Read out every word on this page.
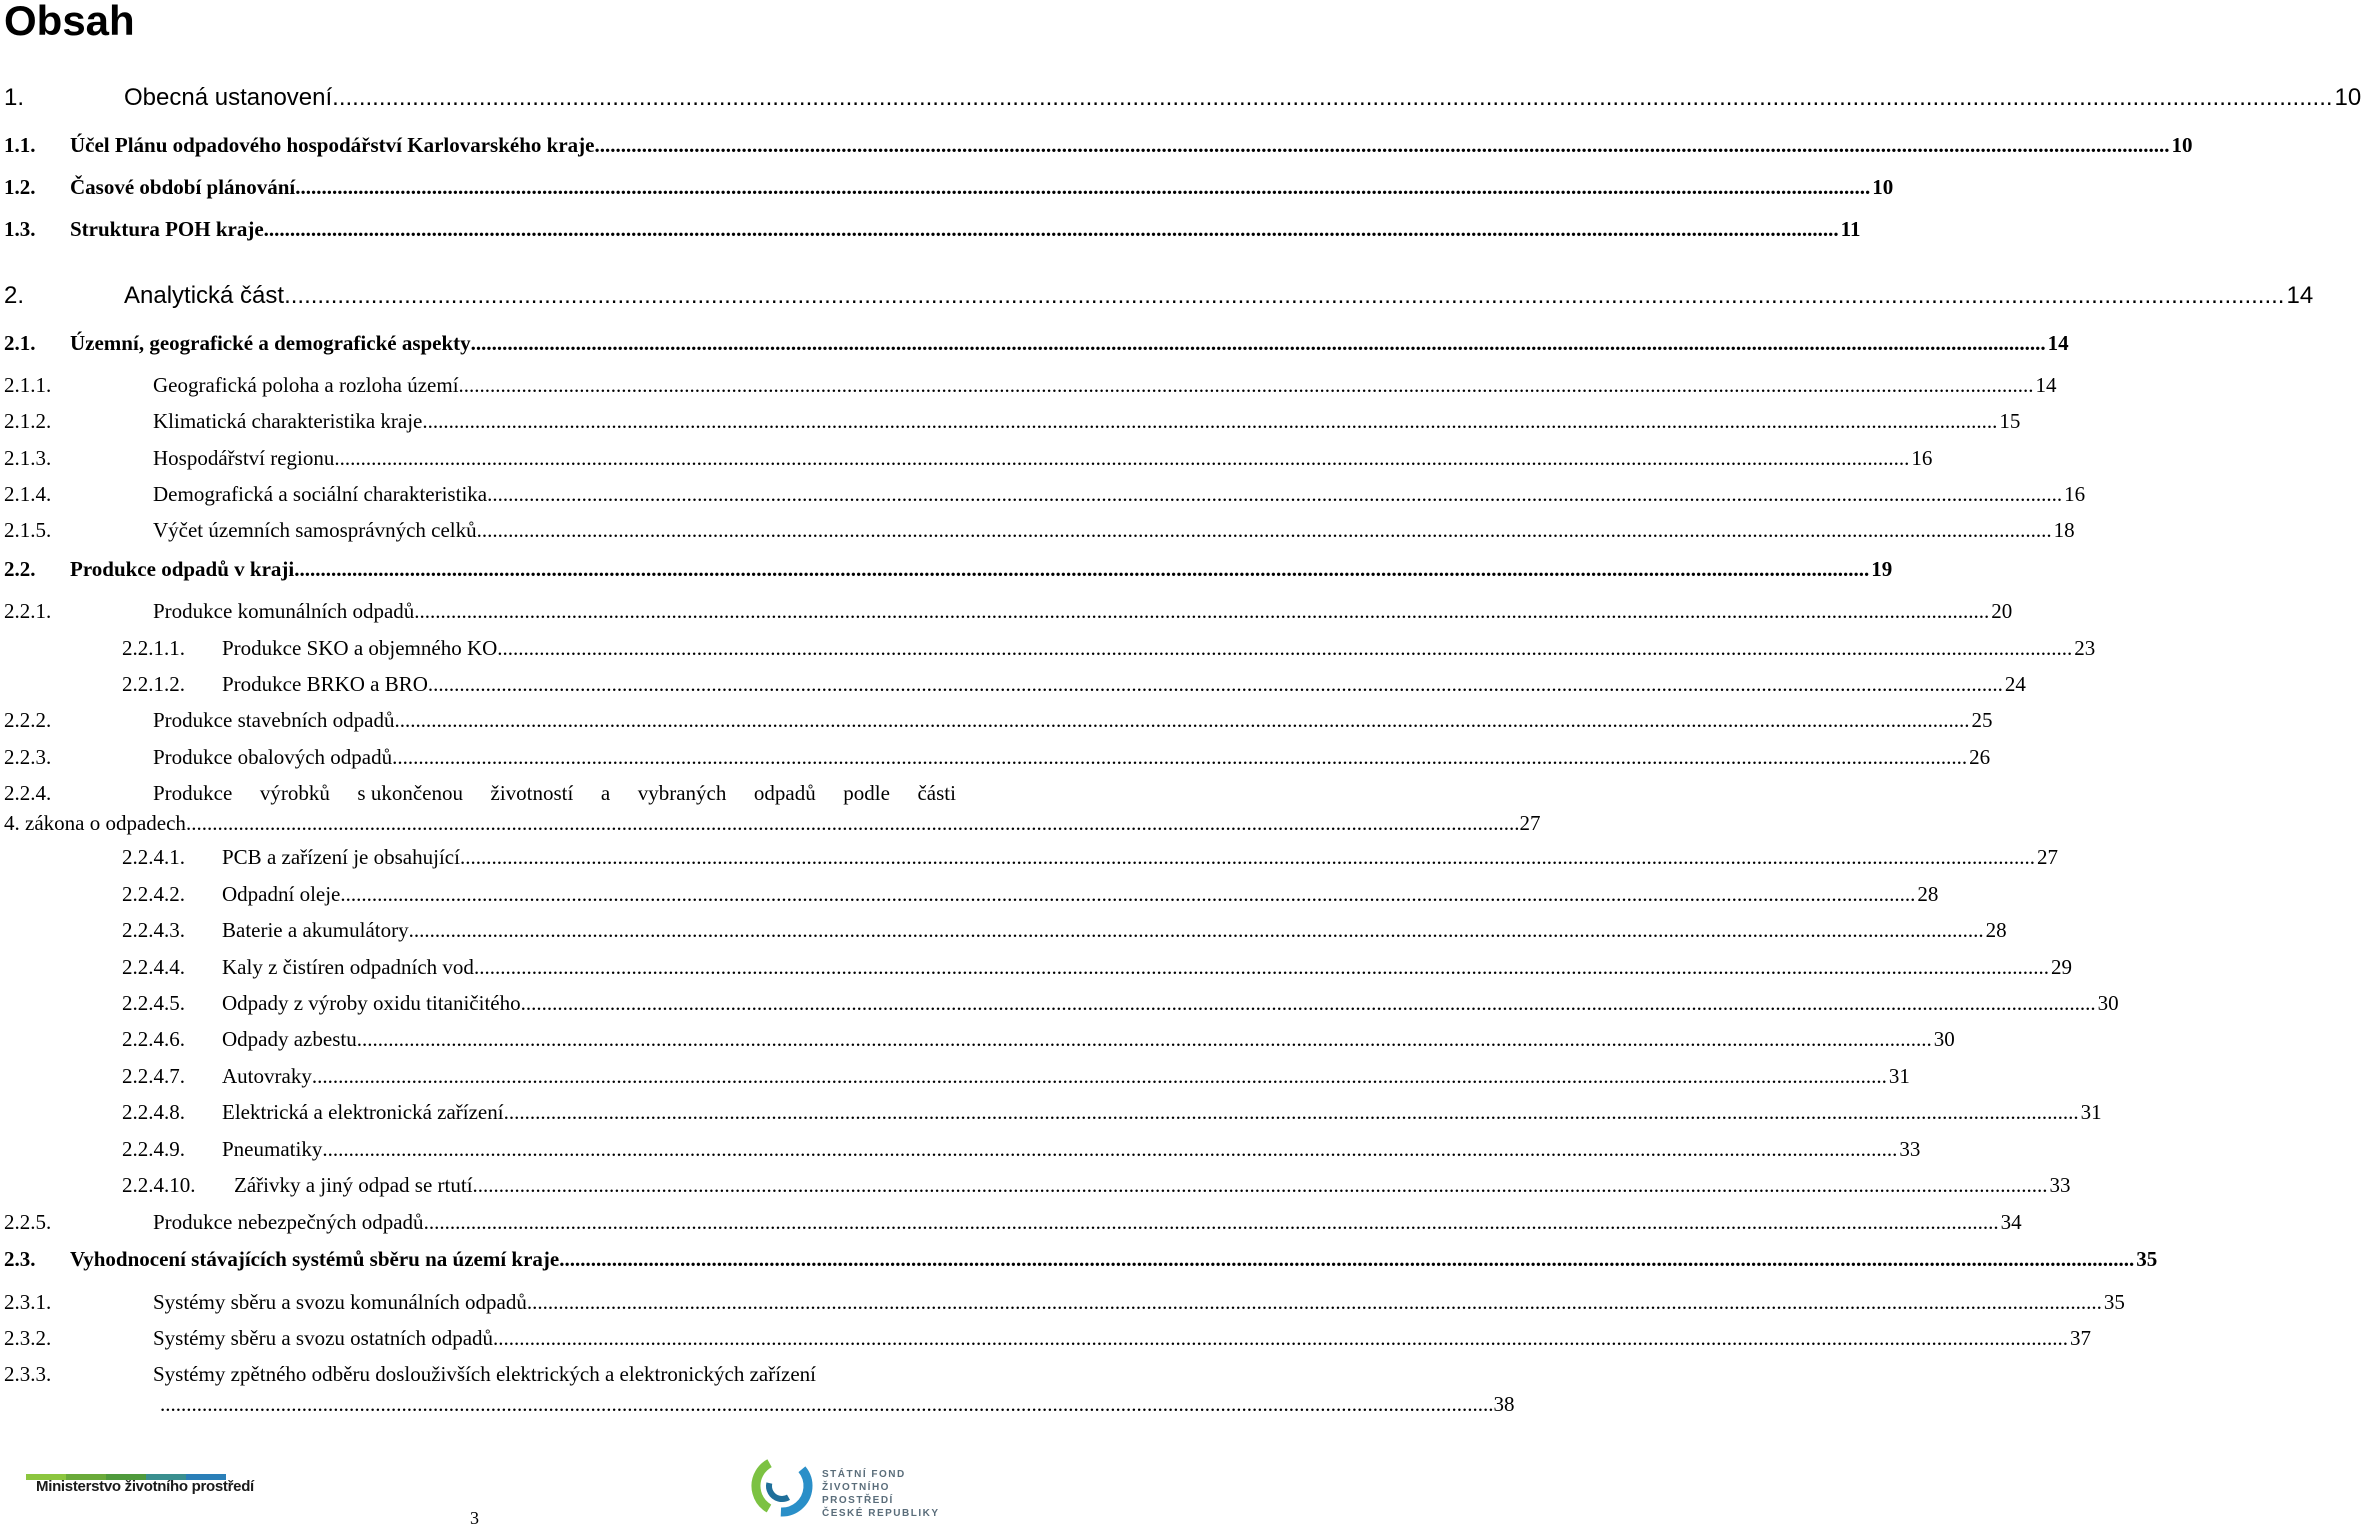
Obsah
1.	Obecná ustanovení ............................................................................................................................................................................................................................................................................................................ 10
1.1. Účel Plánu odpadového hospodářství Karlovarského kraje ............................................................................................................................................................................................................................................................................................................ 10
1.2. Časové období plánování ............................................................................................................................................................................................................................................................................................................ 10
1.3. Struktura POH kraje ............................................................................................................................................................................................................................................................................................................ 11
2.	Analytická část ............................................................................................................................................................................................................................................................................................................ 14
2.1. Územní, geografické a demografické aspekty ............................................................................................................................................................................................................................................................................................................ 14
2.1.1.	Geografická poloha a rozloha území ............................................................................................................................................................................................................................................................................................................ 14
2.1.2.	Klimatická charakteristika kraje ............................................................................................................................................................................................................................................................................................................ 15
2.1.3.	Hospodářství regionu ............................................................................................................................................................................................................................................................................................................ 16
2.1.4.	Demografická a sociální charakteristika ............................................................................................................................................................................................................................................................................................................ 16
2.1.5.	Výčet územních samosprávných celků ............................................................................................................................................................................................................................................................................................................ 18
2.2. Produkce odpadů v kraji ............................................................................................................................................................................................................................................................................................................ 19
2.2.1.	Produkce komunálních odpadů ............................................................................................................................................................................................................................................................................................................ 20
2.2.1.1. Produkce SKO a objemného KO ............................................................................................................................................................................................................................................................................................................ 23
2.2.1.2. Produkce BRKO a BRO ............................................................................................................................................................................................................................................................................................................ 24
2.2.2.	Produkce stavebních odpadů ............................................................................................................................................................................................................................................................................................................ 25
2.2.3.	Produkce obalových odpadů ............................................................................................................................................................................................................................................................................................................ 26
2.2.4.	Produkce výrobků s ukončenou životností a vybraných odpadů podle části
4. zákona o odpadech .............................................................................................................................................................................................................................................................. 27
2.2.4.1. PCB a zařízení je obsahující ............................................................................................................................................................................................................................................................................................................ 27
2.2.4.2. Odpadní oleje ............................................................................................................................................................................................................................................................................................................ 28
2.2.4.3. Baterie a akumulátory ............................................................................................................................................................................................................................................................................................................ 28
2.2.4.4. Kaly z čistíren odpadních vod ............................................................................................................................................................................................................................................................................................................ 29
2.2.4.5. Odpady z výroby oxidu titaničitého ............................................................................................................................................................................................................................................................................................................ 30
2.2.4.6. Odpady azbestu ............................................................................................................................................................................................................................................................................................................ 30
2.2.4.7. Autovraky ............................................................................................................................................................................................................................................................................................................ 31
2.2.4.8. Elektrická a elektronická zařízení ............................................................................................................................................................................................................................................................................................................ 31
2.2.4.9. Pneumatiky ............................................................................................................................................................................................................................................................................................................ 33
2.2.4.10. Zářivky a jiný odpad se rtutí ............................................................................................................................................................................................................................................................................................................ 33
2.2.5.	Produkce nebezpečných odpadů ............................................................................................................................................................................................................................................................................................................ 34
2.3. Vyhodnocení stávajících systémů sběru na území kraje ............................................................................................................................................................................................................................................................................................................ 35
2.3.1.	Systémy sběru a svozu komunálních odpadů ............................................................................................................................................................................................................................................................................................................ 35
2.3.2.	Systémy sběru a svozu ostatních odpadů ............................................................................................................................................................................................................................................................................................................ 37
2.3.3.	Systémy zpětného odběru doslouživších elektrických a elektronických zařízení
.............................................................................................................................................................................................................................................................. 38
Ministerstvo životního prostředí
STÁTNÍ FOND
ŽIVOTNÍHO PROSTŘEDÍ
ČESKÉ REPUBLIKY
3
